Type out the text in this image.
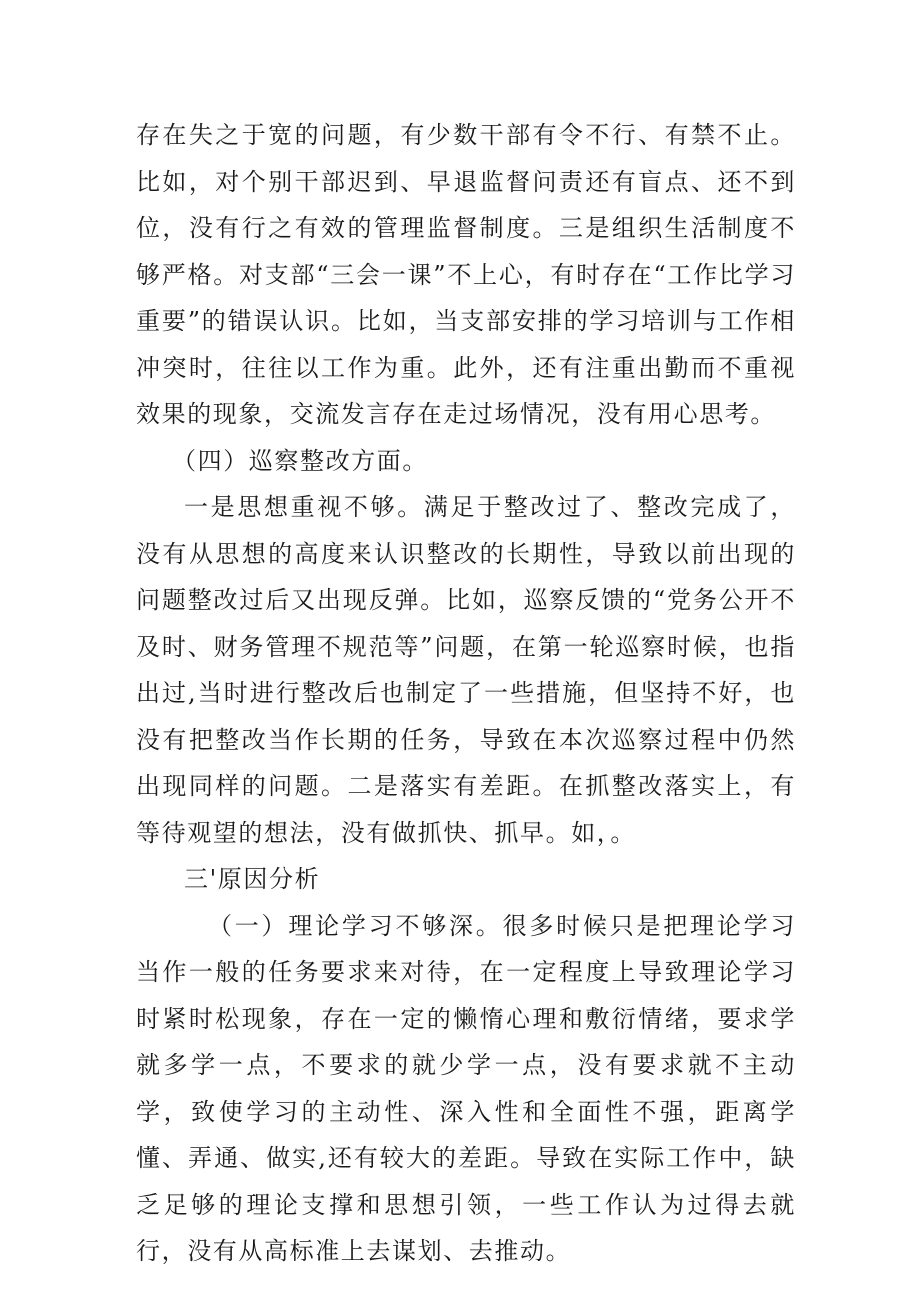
存在失之于宽的问题，有少数干部有令不行、有禁不止。比如，对个别干部迟到、早退监督问责还有盲点、还不到位，没有行之有效的管理监督制度。三是组织生活制度不够严格。对支部“三会一课”不上心，有时存在“工作比学习重要”的错误认识。比如，当支部安排的学习培训与工作相冲突时，往往以工作为重。此外，还有注重出勤而不重视效果的现象，交流发言存在走过场情况，没有用心思考。

（四）巡察整改方面。

一是思想重视不够。满足于整改过了、整改完成了，没有从思想的高度来认识整改的长期性，导致以前出现的问题整改过后又出现反弹。比如，巡察反馈的“党务公开不及时、财务管理不规范等”问题，在第一轮巡察时候，也指出过,当时进行整改后也制定了一些措施，但坚持不好，也没有把整改当作长期的任务，导致在本次巡察过程中仍然出现同样的问题。二是落实有差距。在抓整改落实上，有等待观望的想法，没有做抓快、抓早。如，。

三'原因分析

（一）理论学习不够深。很多时候只是把理论学习当作一般的任务要求来对待，在一定程度上导致理论学习时紧时松现象，存在一定的懒惰心理和敷衍情绪，要求学就多学一点，不要求的就少学一点，没有要求就不主动学，致使学习的主动性、深入性和全面性不强，距离学懂、弄通、做实,还有较大的差距。导致在实际工作中，缺乏足够的理论支撑和思想引领，一些工作认为过得去就行，没有从高标准上去谋划、去推动。
